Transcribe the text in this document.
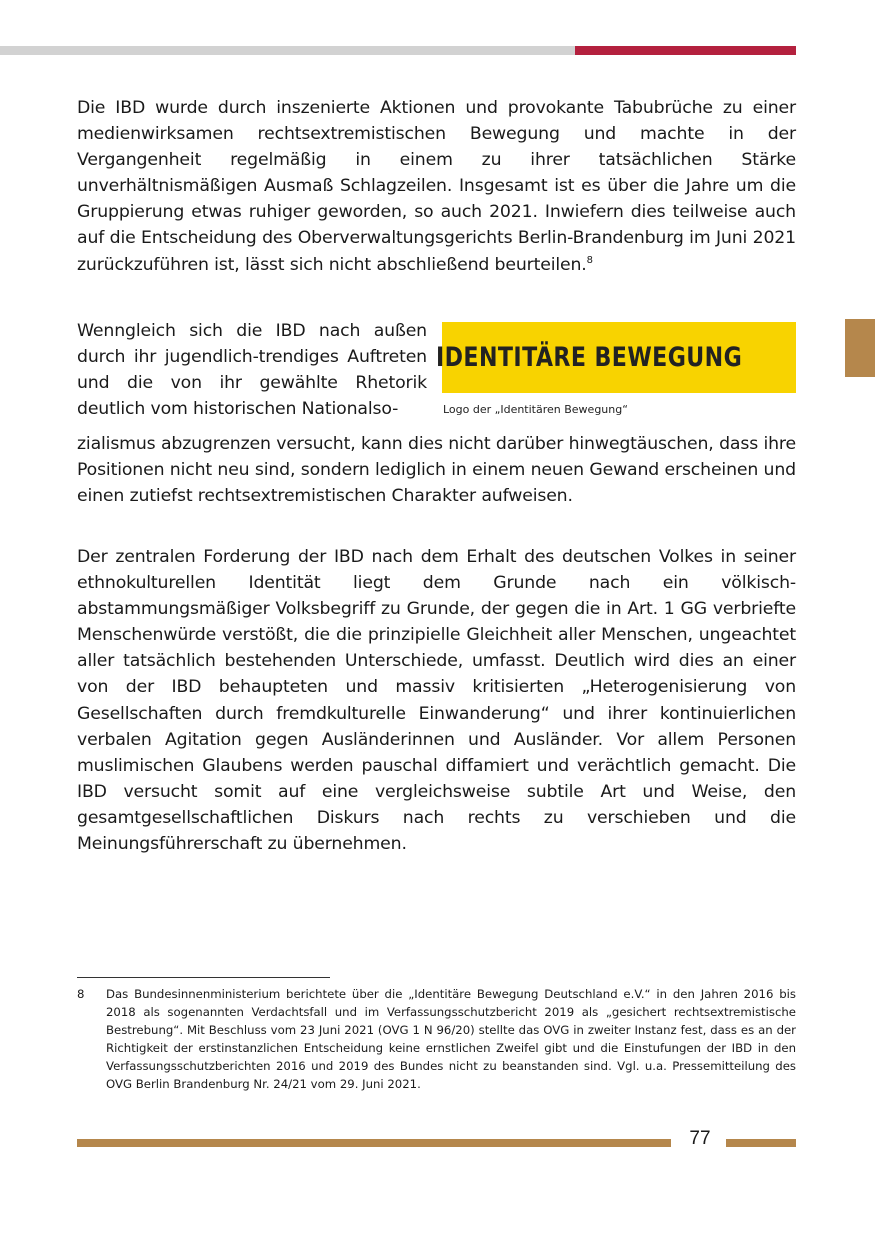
Die IBD wurde durch inszenierte Aktionen und provokante Tabubrüche zu einer medienwirksamen rechtsextremistischen Bewegung und machte in der Vergangenheit regelmäßig in einem zu ihrer tatsächlichen Stärke unverhältnismäßigen Ausmaß Schlagzeilen. Insgesamt ist es über die Jahre um die Gruppierung etwas ruhiger geworden, so auch 2021. Inwiefern dies teilweise auch auf die Entscheidung des Oberverwaltungsgerichts Berlin-Brandenburg im Juni 2021 zurückzuführen ist, lässt sich nicht abschließend beurteilen.$^8$

Wenngleich sich die IBD nach außen durch ihr jugendlich-trendiges Auftreten und die von ihr gewählte Rhetorik deutlich vom historischen Nationalso-

IDENTITÄRE BEWEGUNG
Logo der „Identitären Bewegung“

zialismus abzugrenzen versucht, kann dies nicht darüber hinwegtäuschen, dass ihre Positionen nicht neu sind, sondern lediglich in einem neuen Gewand erscheinen und einen zutiefst rechtsextremistischen Charakter aufweisen.

Der zentralen Forderung der IBD nach dem Erhalt des deutschen Volkes in seiner ethnokulturellen Identität liegt dem Grunde nach ein völkisch-abstammungsmäßiger Volksbegriff zu Grunde, der gegen die in Art. 1 GG verbriefte Menschenwürde verstößt, die die prinzipielle Gleichheit aller Menschen, ungeachtet aller tatsächlich bestehenden Unterschiede, umfasst. Deutlich wird dies an einer von der IBD behaupteten und massiv kritisierten „Heterogenisierung von Gesellschaften durch fremdkulturelle Einwanderung“ und ihrer kontinuierlichen verbalen Agitation gegen Ausländerinnen und Ausländer. Vor allem Personen muslimischen Glaubens werden pauschal diffamiert und verächtlich gemacht. Die IBD versucht somit auf eine vergleichsweise subtile Art und Weise, den gesamtgesellschaftlichen Diskurs nach rechts zu verschieben und die Meinungsführerschaft zu übernehmen.

8	Das Bundesinnenministerium berichtete über die „Identitäre Bewegung Deutschland e.V.“ in den Jahren 2016 bis 2018 als sogenannten Verdachtsfall und im Verfassungsschutzbericht 2019 als „gesichert rechtsextremistische Bestrebung“. Mit Beschluss vom 23 Juni 2021 (OVG 1 N 96/20) stellte das OVG in zweiter Instanz fest, dass es an der Richtigkeit der erstinstanzlichen Entscheidung keine ernstlichen Zweifel gibt und die Einstufungen der IBD in den Verfassungsschutzberichten 2016 und 2019 des Bundes nicht zu beanstanden sind. Vgl. u.a. Pressemitteilung des OVG Berlin Brandenburg Nr. 24/21 vom 29. Juni 2021.

77
